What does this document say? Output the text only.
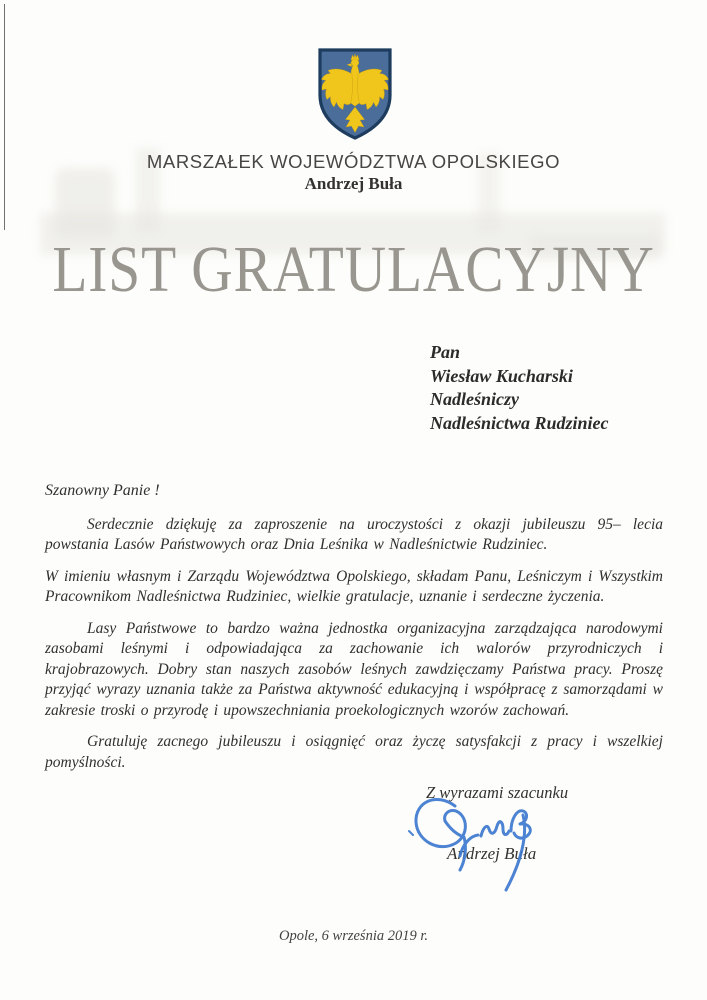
MARSZAŁEK WOJEWÓDZTWA OPOLSKIEGO
Andrzej Buła
LIST GRATULACYJNY
Pan
Wiesław Kucharski
Nadleśniczy
Nadleśnictwa Rudziniec
Szanowny Panie !

Serdecznie dziękuję za zaproszenie na uroczystości z okazji jubileuszu 95– lecia powstania Lasów Państwowych oraz Dnia Leśnika w Nadleśnictwie Rudziniec.

W imieniu własnym i Zarządu Województwa Opolskiego, składam Panu, Leśniczym i Wszystkim Pracownikom Nadleśnictwa Rudziniec, wielkie gratulacje, uznanie i serdeczne życzenia.

Lasy Państwowe to bardzo ważna jednostka organizacyjna zarządzająca narodowymi zasobami leśnymi i odpowiadająca za zachowanie ich walorów przyrodniczych i krajobrazowych. Dobry stan naszych zasobów leśnych zawdzięczamy Państwa pracy. Proszę przyjąć wyrazy uznania także za Państwa aktywność edukacyjną i współpracę z samorządami w zakresie troski o przyrodę i upowszechniania proekologicznych wzorów zachowań.

Gratuluję zacnego jubileuszu i osiągnięć oraz życzę satysfakcji z pracy i wszelkiej pomyślności.

Z wyrazami szacunku
Andrzej Buła
Opole, 6 września 2019 r.
